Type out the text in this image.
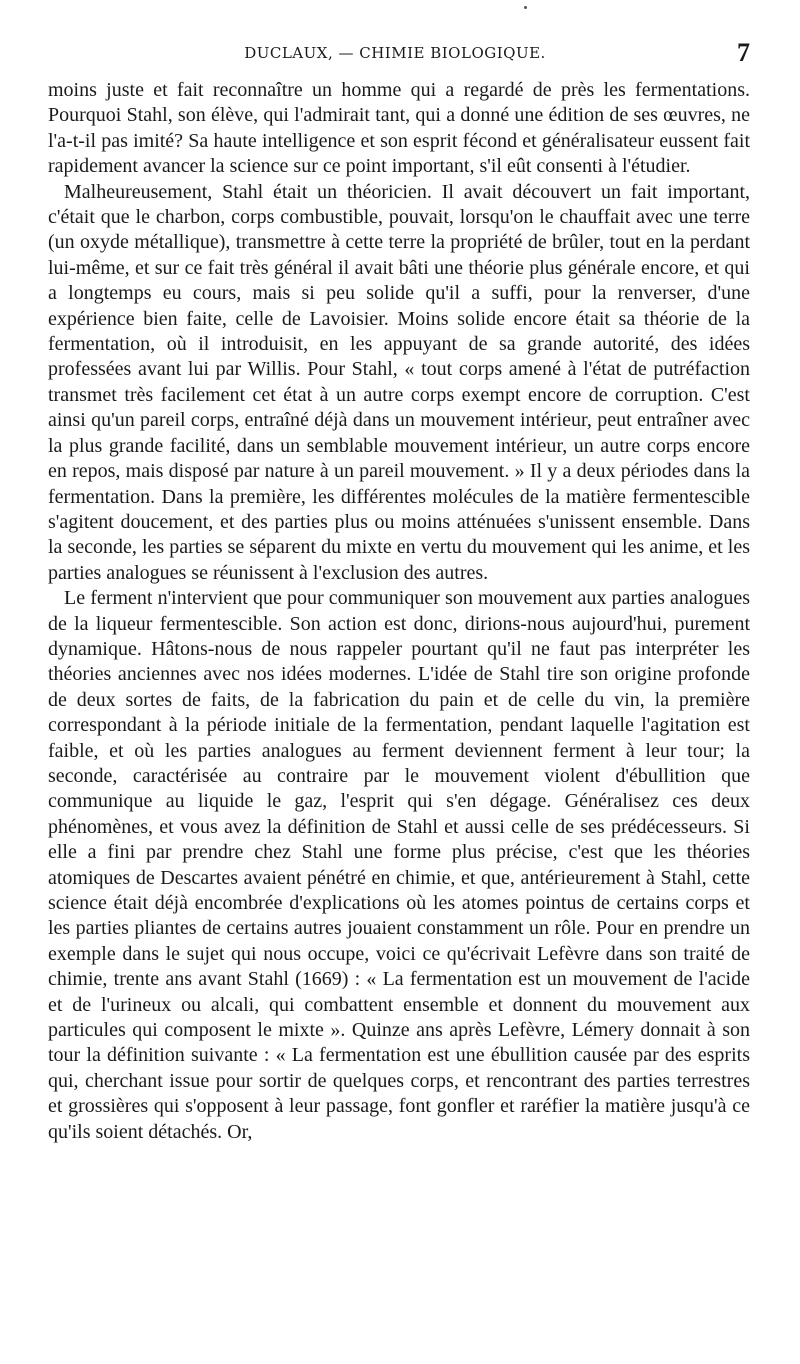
DUCLAUX, — CHIMIE BIOLOGIQUE.	7

moins juste et fait reconnaître un homme qui a regardé de près les fermentations. Pourquoi Stahl, son élève, qui l'admirait tant, qui a donné une édition de ses œuvres, ne l'a-t-il pas imité? Sa haute intelligence et son esprit fécond et généralisateur eussent fait rapidement avancer la science sur ce point important, s'il eût consenti à l'étudier.

Malheureusement, Stahl était un théoricien. Il avait découvert un fait important, c'était que le charbon, corps combustible, pouvait, lorsqu'on le chauffait avec une terre (un oxyde métallique), transmettre à cette terre la propriété de brûler, tout en la perdant lui-même, et sur ce fait très général il avait bâti une théorie plus générale encore, et qui a longtemps eu cours, mais si peu solide qu'il a suffi, pour la renverser, d'une expérience bien faite, celle de Lavoisier. Moins solide encore était sa théorie de la fermentation, où il introduisit, en les appuyant de sa grande autorité, des idées professées avant lui par Willis. Pour Stahl, « tout corps amené à l'état de putréfaction transmet très facilement cet état à un autre corps exempt encore de corruption. C'est ainsi qu'un pareil corps, entraîné déjà dans un mouvement intérieur, peut entraîner avec la plus grande facilité, dans un semblable mouvement intérieur, un autre corps encore en repos, mais disposé par nature à un pareil mouvement. » Il y a deux périodes dans la fermentation. Dans la première, les différentes molécules de la matière fermentescible s'agitent doucement, et des parties plus ou moins atténuées s'unissent ensemble. Dans la seconde, les parties se séparent du mixte en vertu du mouvement qui les anime, et les parties analogues se réunissent à l'exclusion des autres.

Le ferment n'intervient que pour communiquer son mouvement aux parties analogues de la liqueur fermentescible. Son action est donc, dirions-nous aujourd'hui, purement dynamique. Hâtons-nous de nous rappeler pourtant qu'il ne faut pas interpréter les théories anciennes avec nos idées modernes. L'idée de Stahl tire son origine profonde de deux sortes de faits, de la fabrication du pain et de celle du vin, la première correspondant à la période initiale de la fermentation, pendant laquelle l'agitation est faible, et où les parties analogues au ferment deviennent ferment à leur tour; la seconde, caractérisée au contraire par le mouvement violent d'ébullition que communique au liquide le gaz, l'esprit qui s'en dégage. Généralisez ces deux phénomènes, et vous avez la définition de Stahl et aussi celle de ses prédécesseurs. Si elle a fini par prendre chez Stahl une forme plus précise, c'est que les théories atomiques de Descartes avaient pénétré en chimie, et que, antérieurement à Stahl, cette science était déjà encombrée d'explications où les atomes pointus de certains corps et les parties pliantes de certains autres jouaient constamment un rôle. Pour en prendre un exemple dans le sujet qui nous occupe, voici ce qu'écrivait Lefèvre dans son traité de chimie, trente ans avant Stahl (1669) : « La fermentation est un mouvement de l'acide et de l'urineux ou alcali, qui combattent ensemble et donnent du mouvement aux particules qui composent le mixte ». Quinze ans après Lefèvre, Lémery donnait à son tour la définition suivante : « La fermentation est une ébullition causée par des esprits qui, cherchant issue pour sortir de quelques corps, et rencontrant des parties terrestres et grossières qui s'opposent à leur passage, font gonfler et raréfier la matière jusqu'à ce qu'ils soient détachés. Or,
